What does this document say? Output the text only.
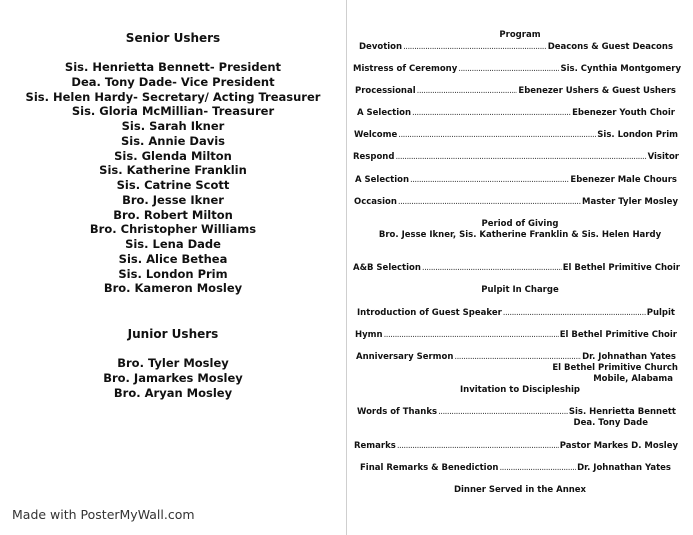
Senior Ushers
Sis. Henrietta Bennett- President
Dea. Tony Dade- Vice President
Sis. Helen Hardy- Secretary/ Acting Treasurer
Sis. Gloria McMillian- Treasurer
Sis. Sarah Ikner
Sis. Annie Davis
Sis. Glenda Milton
Sis. Katherine Franklin
Sis. Catrine Scott
Bro. Jesse Ikner
Bro. Robert Milton
Bro. Christopher Williams
Sis. Lena Dade
Sis. Alice Bethea
Sis. London Prim
Bro. Kameron Mosley
Junior Ushers
Bro. Tyler Mosley
Bro. Jamarkes Mosley
Bro. Aryan Mosley
Made with PosterMyWall.com
Program
Devotion .....	Deacons & Guest Deacons
Mistress of Ceremony .....	Sis. Cynthia Montgomery
Processional .....	Ebenezer Ushers & Guest Ushers
A Selection .....	Ebenezer Youth Choir
Welcome .....	Sis. London Prim
Respond .....	Visitor
A Selection .....	Ebenezer Male Chours
Occasion .....	Master Tyler Mosley
Period of Giving
Bro. Jesse Ikner, Sis. Katherine Franklin & Sis. Helen Hardy
A&B Selection .....	El Bethel Primitive Choir
Pulpit In Charge
Introduction of Guest Speaker .....	Pulpit
Hymn .....	El Bethel Primitive Choir
Anniversary Sermon .....	Dr. Johnathan Yates
El Bethel Primitive Church
Mobile, Alabama
Invitation to Discipleship
Words of Thanks .....	Sis. Henrietta Bennett
Dea. Tony Dade
Remarks .....	Pastor Markes D. Mosley
Final Remarks & Benediction .....	Dr. Johnathan Yates
Dinner Served in the Annex
